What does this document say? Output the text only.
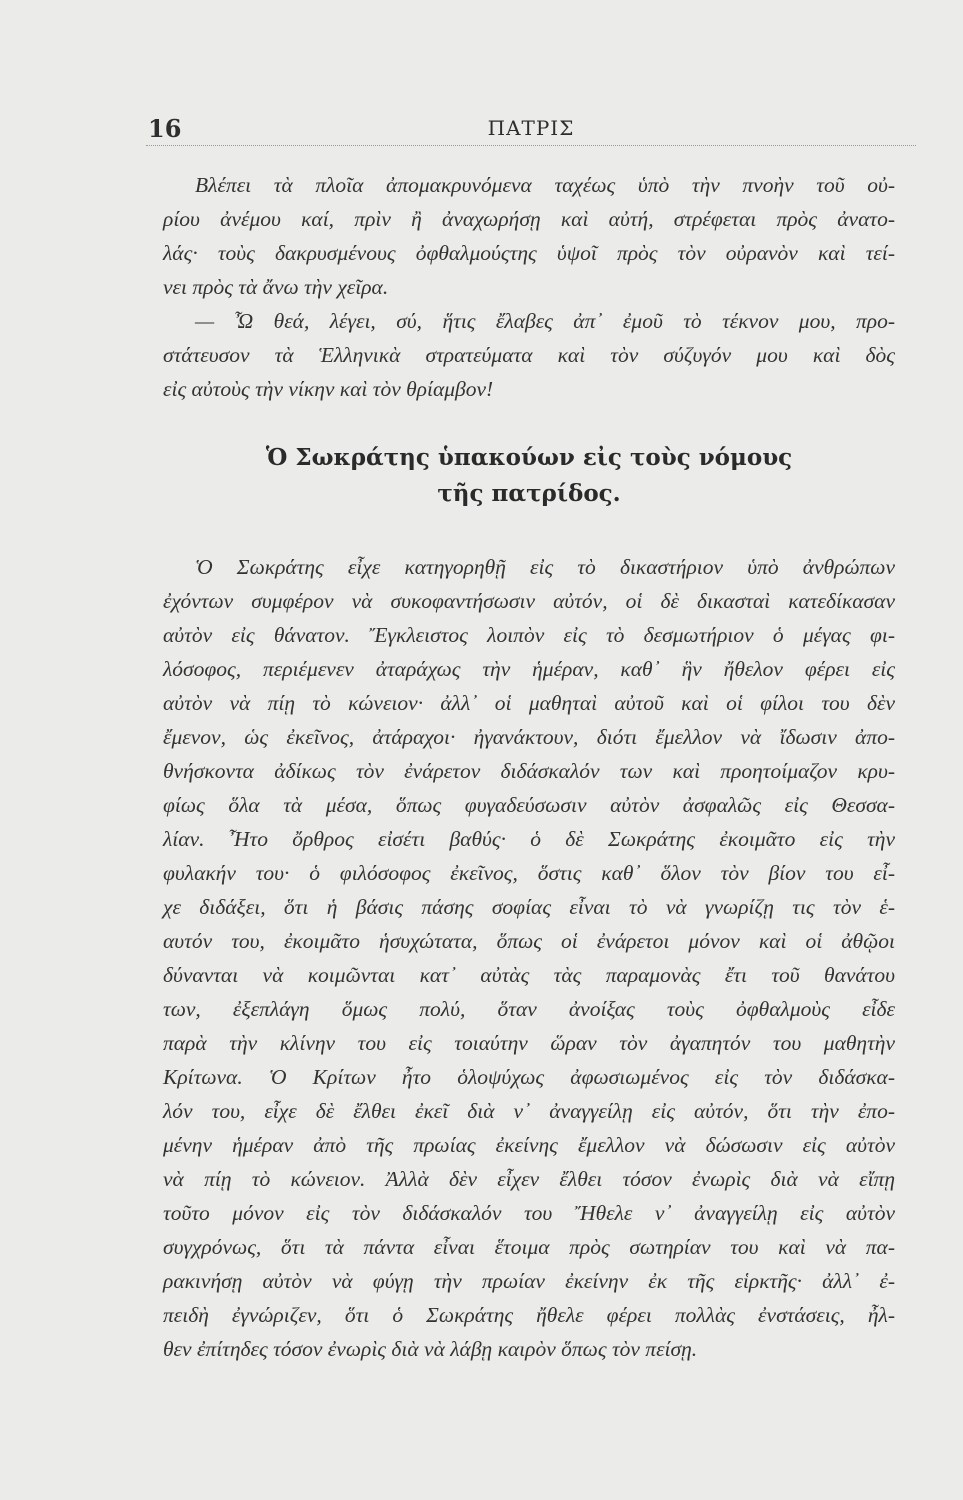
16	ΠΑΤΡΙΣ
Βλέπει τὰ πλοῖα ἀπομακρυνόμενα ταχέως ὑπὸ τὴν πνοὴν τοῦ οὐ-
ρίου ἀνέμου καί, πρὶν ἢ ἀναχωρήσῃ καὶ αὐτή, στρέφεται πρὸς ἀνατο-
λάς· τοὺς δακρυσμένους ὀφθαλμούςτης ὑψοῖ πρὸς τὸν οὐρανὸν καὶ τεί-
νει πρὸς τὰ ἄνω τὴν χεῖρα.
— Ὦ θεά, λέγει, σύ, ἥτις ἔλαβες ἀπ᾽ ἐμοῦ τὸ τέκνον μου, προ-
στάτευσον τὰ Ἑλληνικὰ στρατεύματα καὶ τὸν σύζυγόν μου καὶ δὸς
εἰς αὐτοὺς τὴν νίκην καὶ τὸν θρίαμβον!
Ὁ Σωκράτης ὑπακούων εἰς τοὺς νόμους
τῆς πατρίδος.
Ὁ Σωκράτης εἶχε κατηγορηθῇ εἰς τὸ δικαστήριον ὑπὸ ἀνθρώπων
ἐχόντων συμφέρον νὰ συκοφαντήσωσιν αὐτόν, οἱ δὲ δικασταὶ κατεδίκασαν
αὐτὸν εἰς θάνατον. Ἔγκλειστος λοιπὸν εἰς τὸ δεσμωτήριον ὁ μέγας φι-
λόσοφος, περιέμενεν ἀταράχως τὴν ἡμέραν, καθ᾽ ἣν ἤθελον φέρει εἰς
αὐτὸν νὰ πίῃ τὸ κώνειον· ἀλλ᾽ οἱ μαθηταὶ αὐτοῦ καὶ οἱ φίλοι του δὲν
ἔμενον, ὡς ἐκεῖνος, ἀτάραχοι· ἠγανάκτουν, διότι ἔμελλον νὰ ἴδωσιν ἀπο-
θνήσκοντα ἀδίκως τὸν ἐνάρετον διδάσκαλόν των καὶ προητοίμαζον κρυ-
φίως ὅλα τὰ μέσα, ὅπως φυγαδεύσωσιν αὐτὸν ἀσφαλῶς εἰς Θεσσα-
λίαν. Ἦτο ὄρθρος εἰσέτι βαθύς· ὁ δὲ Σωκράτης ἐκοιμᾶτο εἰς τὴν
φυλακήν του· ὁ φιλόσοφος ἐκεῖνος, ὅστις καθ᾽ ὅλον τὸν βίον του εἶ-
χε διδάξει, ὅτι ἡ βάσις πάσης σοφίας εἶναι τὸ νὰ γνωρίζῃ τις τὸν ἑ-
αυτόν του, ἐκοιμᾶτο ἡσυχώτατα, ὅπως οἱ ἐνάρετοι μόνον καὶ οἱ ἀθῷοι
δύνανται νὰ κοιμῶνται κατ᾽ αὐτὰς τὰς παραμονὰς ἔτι τοῦ θανάτου
των, ἐξεπλάγη ὅμως πολύ, ὅταν ἀνοίξας τοὺς ὀφθαλμοὺς εἶδε
παρὰ τὴν κλίνην του εἰς τοιαύτην ὥραν τὸν ἀγαπητόν του μαθητὴν
Κρίτωνα. Ὁ Κρίτων ἦτο ὁλοψύχως ἀφωσιωμένος εἰς τὸν διδάσκα-
λόν του, εἶχε δὲ ἔλθει ἐκεῖ διὰ ν᾽ ἀναγγείλῃ εἰς αὐτόν, ὅτι τὴν ἐπο-
μένην ἡμέραν ἀπὸ τῆς πρωίας ἐκείνης ἔμελλον νὰ δώσωσιν εἰς αὐτὸν
νὰ πίῃ τὸ κώνειον. Ἀλλὰ δὲν εἶχεν ἔλθει τόσον ἐνωρὶς διὰ νὰ εἴπῃ
τοῦτο μόνον εἰς τὸν διδάσκαλόν του Ἤθελε ν᾽ ἀναγγείλῃ εἰς αὐτὸν
συγχρόνως, ὅτι τὰ πάντα εἶναι ἕτοιμα πρὸς σωτηρίαν του καὶ νὰ πα-
ρακινήσῃ αὐτὸν νὰ φύγῃ τὴν πρωίαν ἐκείνην ἐκ τῆς εἱρκτῆς· ἀλλ᾽ ἐ-
πειδὴ ἐγνώριζεν, ὅτι ὁ Σωκράτης ἤθελε φέρει πολλὰς ἐνστάσεις, ἦλ-
θεν ἐπίτηδες τόσον ἐνωρὶς διὰ νὰ λάβῃ καιρὸν ὅπως τὸν πείσῃ.
